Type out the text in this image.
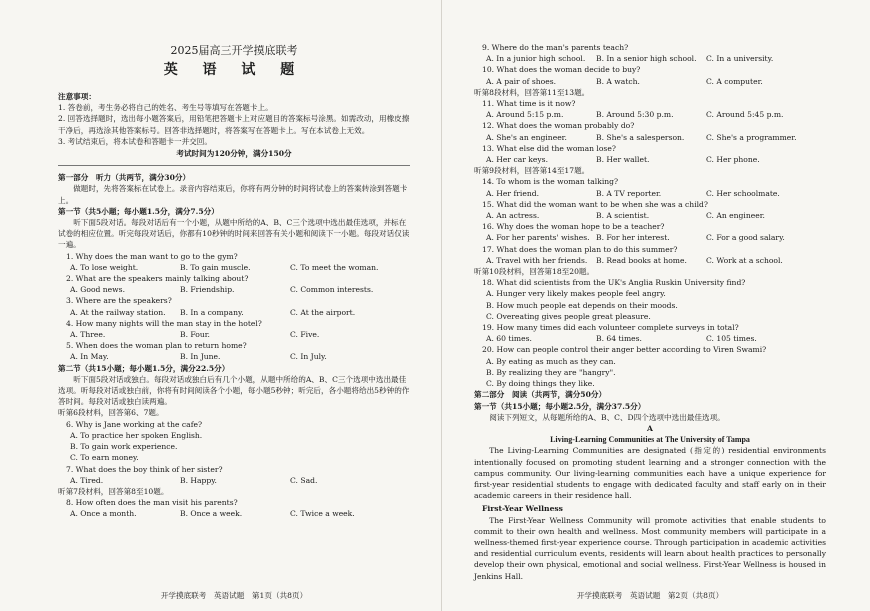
2025届高三开学摸底联考
英 语 试 题
注意事项：

1. 答卷前，考生务必将自己的姓名、考生号等填写在答题卡上。

2. 回答选择题时，选出每小题答案后，用铅笔把答题卡上对应题目的答案标号涂黑。如需改动，用橡皮擦干净后，再选涂其他答案标号。回答非选择题时，将答案写在答题卡上。写在本试卷上无效。

3. 考试结束后，将本试卷和答题卡一并交回。

考试时间为120分钟，满分150分
第一部分　听力（共两节，满分30分）

做题时，先将答案标在试卷上。录音内容结束后，你将有两分钟的时间将试卷上的答案转涂到答题卡上。

第一节（共5小题；每小题1.5分，满分7.5分）

听下面5段对话。每段对话后有一个小题，从题中所给的A、B、C三个选项中选出最佳选项，并标在试卷的相应位置。听完每段对话后，你都有10秒钟的时间来回答有关小题和阅读下一小题。每段对话仅读一遍。

1. Why does the man want to go to the gym?
A. To lose weight.	B. To gain muscle.	C. To meet the woman.
2. What are the speakers mainly talking about?
A. Good news.	B. Friendship.	C. Common interests.
3. Where are the speakers?
A. At the railway station.	B. In a company.	C. At the airport.
4. How many nights will the man stay in the hotel?
A. Three.	B. Four.	C. Five.
5. When does the woman plan to return home?
A. In May.	B. In June.	C. In July.
第二节（共15小题；每小题1.5分，满分22.5分）

听下面5段对话或独白。每段对话或独白后有几个小题，从题中所给的A、B、C三个选项中选出最佳选项。听每段对话或独白前，你将有时间阅读各个小题，每小题5秒钟；听完后，各小题将给出5秒钟的作答时间。每段对话或独白读两遍。

听第6段材料，回答第6、7题。
6. Why is Jane working at the cafe?
A. To practice her spoken English.
B. To gain work experience.
C. To earn money.
7. What does the boy think of her sister?
A. Tired.	B. Happy.	C. Sad.
听第7段材料，回答第8至10题。
8. How often does the man visit his parents?
A. Once a month.	B. Once a week.	C. Twice a week.
开学摸底联考　英语试题　第1页（共8页）
9. Where do the man's parents teach?
A. In a junior high school.	B. In a senior high school.	C. In a university.
10. What does the woman decide to buy?
A. A pair of shoes.	B. A watch.	C. A computer.
听第8段材料，回答第11至13题。
11. What time is it now?
A. Around 5:15 p.m.	B. Around 5:30 p.m.	C. Around 5:45 p.m.
12. What does the woman probably do?
A. She's an engineer.	B. She's a salesperson.	C. She's a programmer.
13. What else did the woman lose?
A. Her car keys.	B. Her wallet.	C. Her phone.
听第9段材料，回答第14至17题。
14. To whom is the woman talking?
A. Her friend.	B. A TV reporter.	C. Her schoolmate.
15. What did the woman want to be when she was a child?
A. An actress.	B. A scientist.	C. An engineer.
16. Why does the woman hope to be a teacher?
A. For her parents' wishes. B. For her interest.	C. For a good salary.
17. What does the woman plan to do this summer?
A. Travel with her friends.	B. Read books at home.	C. Work at a school.
听第10段材料，回答第18至20题。
18. What did scientists from the UK's Anglia Ruskin University find?
A. Hunger very likely makes people feel angry.
B. How much people eat depends on their moods.
C. Overeating gives people great pleasure.
19. How many times did each volunteer complete surveys in total?
A. 60 times.	B. 64 times.	C. 105 times.
20. How can people control their anger better according to Viren Swami?
A. By eating as much as they can.
B. By realizing they are "hangry".
C. By doing things they like.
第二部分　阅读（共两节，满分50分）
第一节（共15小题；每小题2.5分，满分37.5分）

阅读下列短文，从每题所给的A、B、C、D四个选项中选出最佳选项。

A
Living-Learning Communities at The University of Tampa

The Living-Learning Communities are designated (指定的) residential environments intentionally focused on promoting student learning and a stronger connection with the campus community. Our living-learning communities each have a unique experience for first-year residential students to engage with dedicated faculty and staff early on in their academic careers in their residence hall.

First-Year Wellness

The First-Year Wellness Community will promote activities that enable students to commit to their own health and wellness. Most community members will participate in a wellness-themed first-year experience course. Through participation in academic activities and residential curriculum events, residents will learn about health practices to personally develop their own physical, emotional and social wellness. First-Year Wellness is housed in Jenkins Hall.

开学摸底联考　英语试题　第2页（共8页）
